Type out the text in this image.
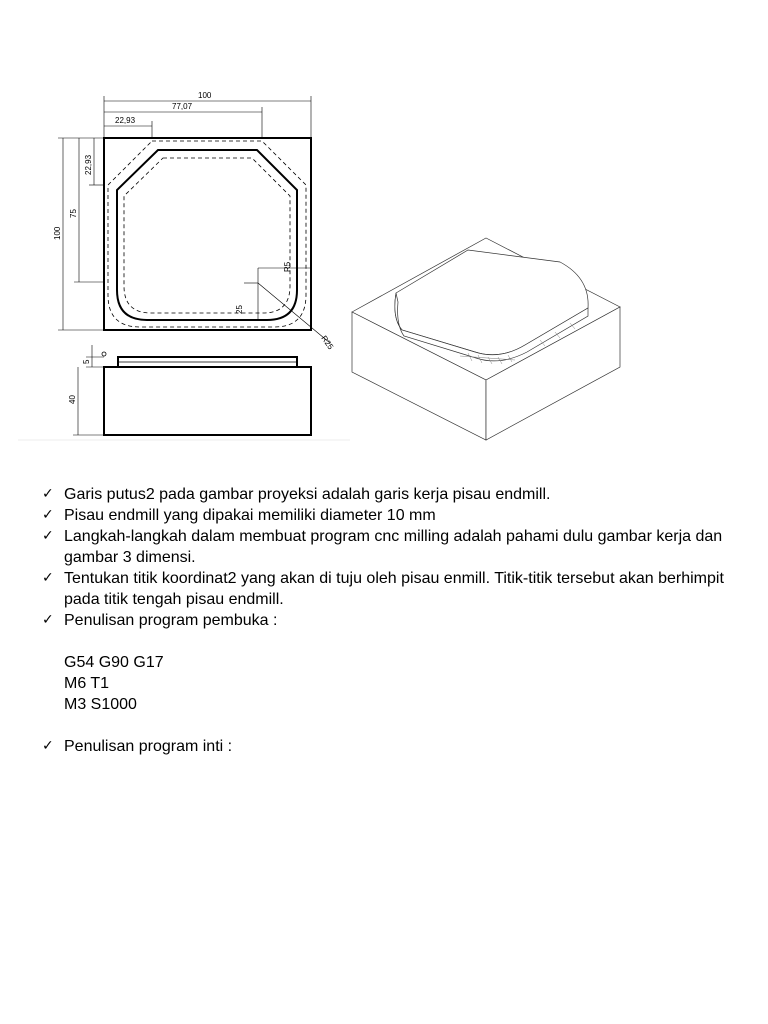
100
77,07
22,93
100
75
22,93
R5
25
R25
5
40
✓ Garis putus2 pada gambar proyeksi adalah garis kerja pisau endmill.
✓ Pisau endmill yang dipakai memiliki diameter 10 mm
✓ Langkah-langkah dalam membuat program cnc milling adalah pahami dulu gambar kerja dan gambar 3 dimensi.
✓ Tentukan titik koordinat2 yang akan di tuju oleh pisau enmill. Titik-titik tersebut akan berhimpit pada titik tengah pisau endmill.
✓ Penulisan program pembuka :
G54 G90 G17
M6 T1
M3 S1000
✓ Penulisan program inti :
